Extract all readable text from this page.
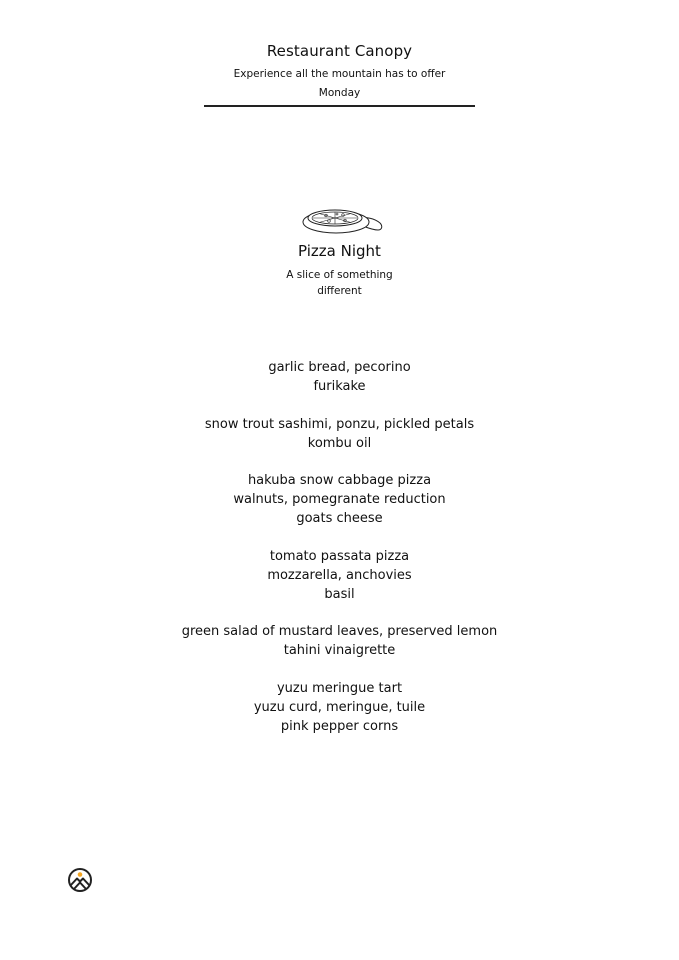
Restaurant Canopy
Experience all the mountain has to offer
Monday
Pizza Night
A slice of something different
garlic bread, pecorino
furikake
snow trout sashimi, ponzu, pickled petals
kombu oil
hakuba snow cabbage pizza
walnuts, pomegranate reduction
goats cheese
tomato passata pizza
mozzarella, anchovies
basil
green salad of mustard leaves, preserved lemon
tahini vinaigrette
yuzu meringue tart
yuzu curd, meringue, tuile
pink pepper corns
